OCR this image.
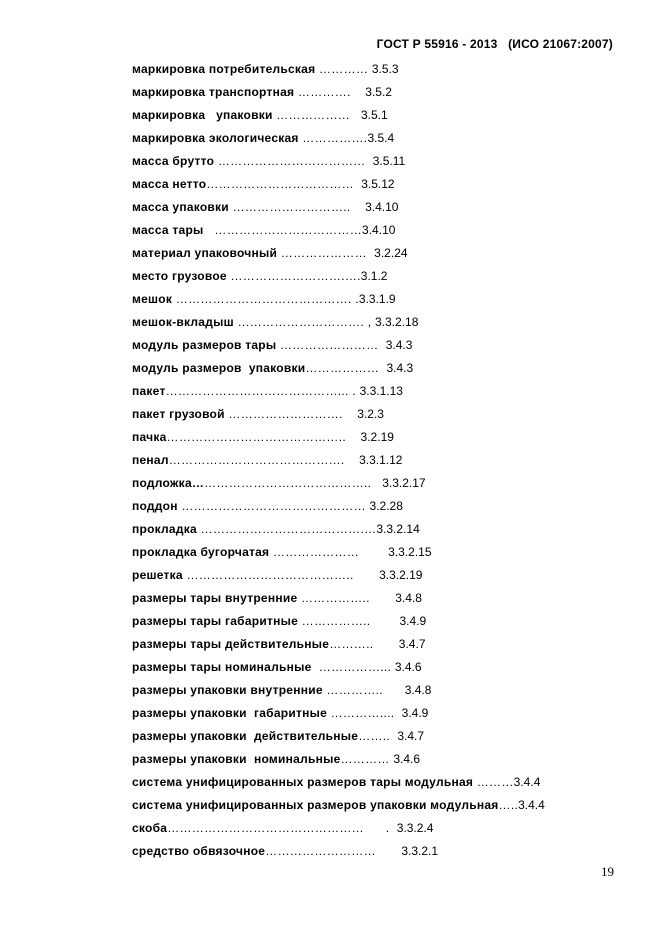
ГОСТ Р 55916 - 2013   (ИСО 21067:2007)
маркировка потребительская ………… 3.5.3
маркировка транспортная ………….    3.5.2
маркировка   упаковки ………………   3.5.1
маркировка экологическая …………….3.5.4
масса брутто ………………………………  3.5.11
масса нетто………………………………  3.5.12
масса упаковки ………………………..    3.4.10
масса тары   ………………………………3.4.10
материал упаковочный …………………  3.2.24
место грузовое ……………………….….3.1.2
мешок ……………………………………. .3.3.1.9
мешок-вкладыш …………………………. , 3.3.2.18
модуль размеров тары ……………………  3.4.3
модуль размеров  упаковки………………  3.4.3
пакет……………………………………... . 3.3.1.13
пакет грузовой ……………………….    3.2.3
пачка……………………………………..    3.2.19
пенал…………………………………….    3.3.1.12
подложка……………………………………..   3.3.2.17
поддон ……………………………………… 3.2.28
прокладка ………………………………….…3.3.2.14
прокладка бугорчатая …………………        3.3.2.15
решетка …………………………………..       3.3.2.19
размеры тары внутренние ……………..       3.4.8
размеры тары габаритные ……………..        3.4.9
размеры тары действительные………..       3.4.7
размеры тары номинальные  ……………... 3.4.6
размеры упаковки внутренние …………..      3.4.8
размеры упаковки  габаритные …………....  3.4.9
размеры упаковки  действительные……..  3.4.7
размеры упаковки  номинальные………… 3.4.6
система унифицированных размеров тары модульная ………3.4.4
система унифицированных размеров упаковки модульная…..3.4.4
скоба…………………………………………      .  3.3.2.4
средство обвязочное………………………       3.3.2.1
19
